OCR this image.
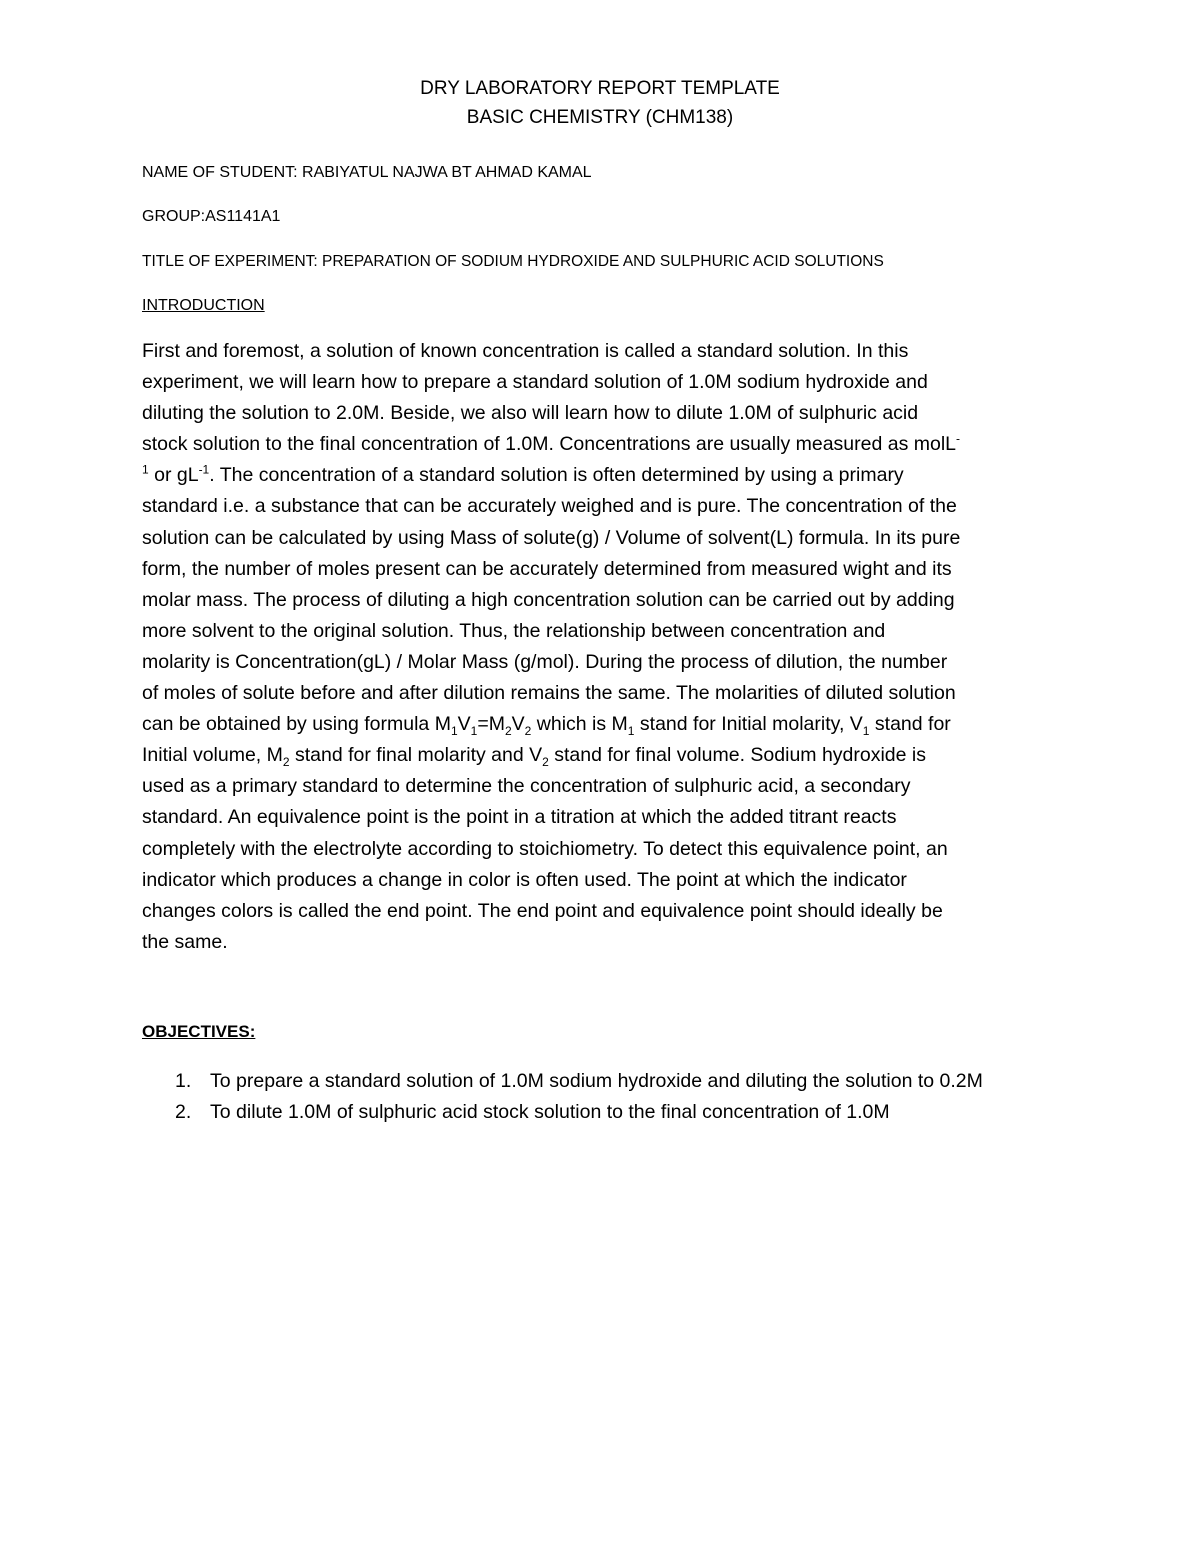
DRY LABORATORY REPORT TEMPLATE
BASIC CHEMISTRY (CHM138)
NAME OF STUDENT: RABIYATUL NAJWA BT AHMAD KAMAL
GROUP:AS1141A1
TITLE OF EXPERIMENT: PREPARATION OF SODIUM HYDROXIDE AND SULPHURIC ACID SOLUTIONS
INTRODUCTION
First and foremost, a solution of known concentration is called a standard solution. In this
experiment, we will learn how to prepare a standard solution of 1.0M sodium hydroxide and
diluting the solution to 2.0M. Beside, we also will learn how to dilute 1.0M of sulphuric acid
stock solution to the final concentration of 1.0M. Concentrations are usually measured as molL-
$^1$ or $gL^{-1}$. The concentration of a standard solution is often determined by using a primary
standard i.e. a substance that can be accurately weighed and is pure. The concentration of the
solution can be calculated by using Mass of solute(g) / Volume of solvent(L) formula. In its pure
form, the number of moles present can be accurately determined from measured wight and its
molar mass. The process of diluting a high concentration solution can be carried out by adding
more solvent to the original solution. Thus, the relationship between concentration and
molarity is Concentration(gL) / Molar Mass (g/mol). During the process of dilution, the number
of moles of solute before and after dilution remains the same. The molarities of diluted solution
can be obtained by using formula $M_1V_1=M_2V_2$ which is $M_1$ stand for Initial molarity, $V_1$ stand for
Initial volume, $M_2$ stand for final molarity and $V_2$ stand for final volume. Sodium hydroxide is
used as a primary standard to determine the concentration of sulphuric acid, a secondary
standard. An equivalence point is the point in a titration at which the added titrant reacts
completely with the electrolyte according to stoichiometry. To detect this equivalence point, an
indicator which produces a change in color is often used. The point at which the indicator
changes colors is called the end point. The end point and equivalence point should ideally be
the same.
OBJECTIVES:
1. To prepare a standard solution of 1.0M sodium hydroxide and diluting the solution to 0.2M
2. To dilute 1.0M of sulphuric acid stock solution to the final concentration of 1.0M
